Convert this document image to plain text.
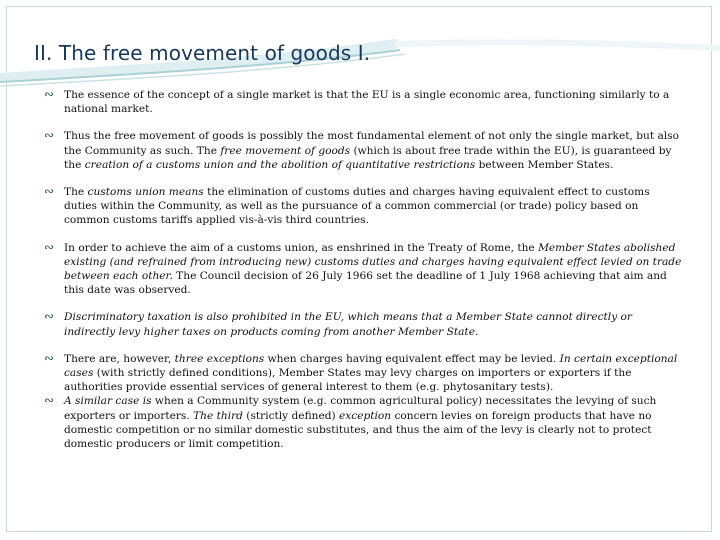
II. The free movement of goods I.
∾ The essence of the concept of a single market is that the EU is a single economic area, functioning similarly to a national market.
∾ Thus the free movement of goods is possibly the most fundamental element of not only the single market, but also the Community as such. The free movement of goods (which is about free trade within the EU), is guaranteed by the creation of a customs union and the abolition of quantitative restrictions between Member States.
∾ The customs union means the elimination of customs duties and charges having equivalent effect to customs duties within the Community, as well as the pursuance of a common commercial (or trade) policy based on common customs tariffs applied vis-à-vis third countries.
∾ In order to achieve the aim of a customs union, as enshrined in the Treaty of Rome, the Member States abolished existing (and refrained from introducing new) customs duties and charges having equivalent effect levied on trade between each other. The Council decision of 26 July 1966 set the deadline of 1 July 1968 achieving that aim and this date was observed.
∾ Discriminatory taxation is also prohibited in the EU, which means that a Member State cannot directly or indirectly levy higher taxes on products coming from another Member State.
∾ There are, however, three exceptions when charges having equivalent effect may be levied. In certain exceptional cases (with strictly defined conditions), Member States may levy charges on importers or exporters if the authorities provide essential services of general interest to them (e.g. phytosanitary tests).
∾ A similar case is when a Community system (e.g. common agricultural policy) necessitates the levying of such exporters or importers. The third (strictly defined) exception concern levies on foreign products that have no domestic competition or no similar domestic substitutes, and thus the aim of the levy is clearly not to protect domestic producers or limit competition.
